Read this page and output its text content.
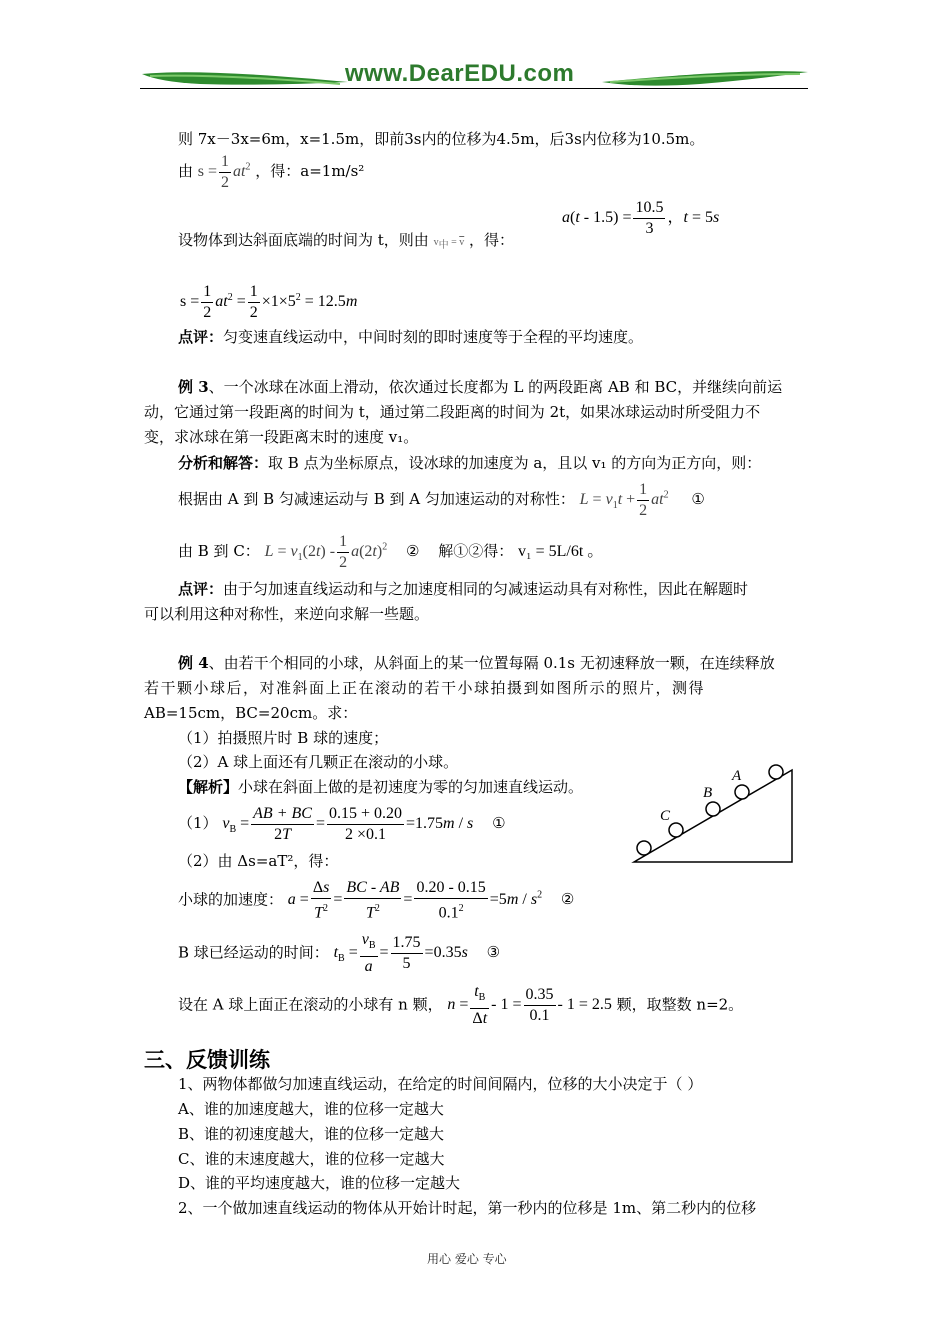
www.DearEDU.com
则 7x－3x=6m，x=1.5m，即前3s内的位移为4.5m，后3s内位移为10.5m。
由 $s = \frac{1}{2} at^2$ ，得：a=1m/s²
设物体到达斜面底端的时间为 t，则由 $v_中 = \overline{v}$ ，得：
$a(t - 1.5) = \frac{10.5}{3}$ ，t = 5s
$s = \frac{1}{2} at^2 = \frac{1}{2} \times 1\times 5^2 = 12.5m$
点评：匀变速直线运动中，中间时刻的即时速度等于全程的平均速度。
例 3、一个冰球在冰面上滑动，依次通过长度都为 L 的两段距离 AB 和 BC，并继续向前运
动，它通过第一段距离的时间为 t，通过第二段距离的时间为 2t，如果冰球运动时所受阻力不
变，求冰球在第一段距离末时的速度 v₁。
分析和解答：取 B 点为坐标原点，设冰球的加速度为 a，且以 v₁ 的方向为正方向，则：
根据由 A 到 B 匀减速运动与 B 到 A 匀加速运动的对称性： $L = v_1t + \frac{1}{2} at^2$ ①
由 B 到 C： $L = v_1(2t) - \frac{1}{2} a(2t)^2$ ② 解①②得： v₁ = 5L/6t 。
点评：由于匀加速直线运动和与之加速度相同的匀减速运动具有对称性，因此在解题时
可以利用这种对称性，来逆向求解一些题。
例 4、由若干个相同的小球，从斜面上的某一位置每隔 0.1s 无初速释放一颗，在连续释放
若干颗小球后，对准斜面上正在滚动的若干小球拍摄到如图所示的照片，测得
AB=15cm，BC=20cm。求：
（1）拍摄照片时 B 球的速度；
（2）A 球上面还有几颗正在滚动的小球。
【解析】小球在斜面上做的是初速度为零的匀加速直线运动。
（1） $v_B = \frac{AB + BC}{2T} = \frac{0.15 + 0.20}{2 \times 0.1} =1.75m / s$ ①
（2）由 Δs=aT²，得：
小球的加速度： $a = \frac{\Delta s}{T^2} = \frac{BC - AB}{T^2} = \frac{0.20 - 0.15}{0.1^2} =5m / s^2$ ②
B 球已经运动的时间： $t_B = \frac{v_B}{a} = \frac{1.75}{5} =0.35s$ ③
设在 A 球上面正在滚动的小球有 n 颗， $n = \frac{t_B}{\Delta t} - 1 = \frac{0.35}{0.1} - 1 = 2.5$ 颗，取整数 n=2。
A
B
C
三、反馈训练
1、两物体都做匀加速直线运动，在给定的时间间隔内，位移的大小决定于（ ）
A、谁的加速度越大，谁的位移一定越大
B、谁的初速度越大，谁的位移一定越大
C、谁的末速度越大，谁的位移一定越大
D、谁的平均速度越大，谁的位移一定越大
2、一个做加速直线运动的物体从开始计时起，第一秒内的位移是 1m、第二秒内的位移
用心 爱心 专心
